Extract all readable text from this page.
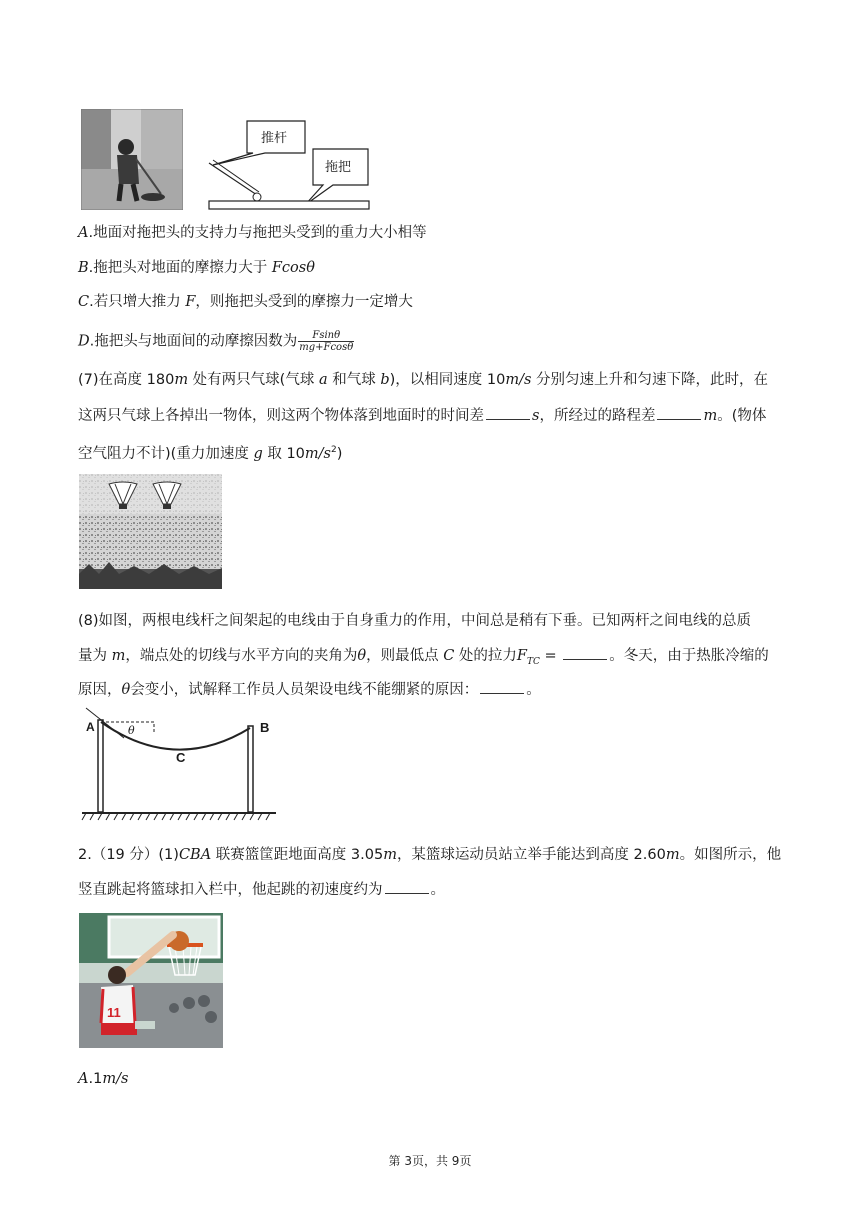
推杆
拖把
A.地面对拖把头的支持力与拖把头受到的重力大小相等
B.拖把头对地面的摩擦力大于 Fcosθ
C.若只增大推力 F，则拖把头受到的摩擦力一定增大
D.拖把头与地面间的动摩擦因数为 $\frac{Fsin\theta}{mg+Fcos\theta}$
(7)在高度 180m 处有两只气球(气球 a 和气球 b)，以相同速度 10m/s 分别匀速上升和匀速下降，此时，在
这两只气球上各掉出一物体，则这两个物体落到地面时的时间差	s，所经过的路程差	m。(物体
空气阻力不计)(重力加速度 g 取 $10m/s^2$)
(8)如图，两根电线杆之间架起的电线由于自身重力的作用，中间总是稍有下垂。已知两杆之间电线的总质
量为 m，端点处的切线与水平方向的夹角为θ，则最低点 C 处的拉力$F_{TC}$ =	。冬天，由于热胀冷缩的
原因，θ会变小，试解释工作员人员架设电线不能绷紧的原因：	。
A	θ	B
C
2.（19 分）(1)CBA 联赛篮筐距地面高度 3.05m，某篮球运动员站立举手能达到高度 2.60m。如图所示，他
竖直跳起将篮球扣入栏中，他起跳的初速度约为	。
11
A.1m/s
第 3页，共 9页
